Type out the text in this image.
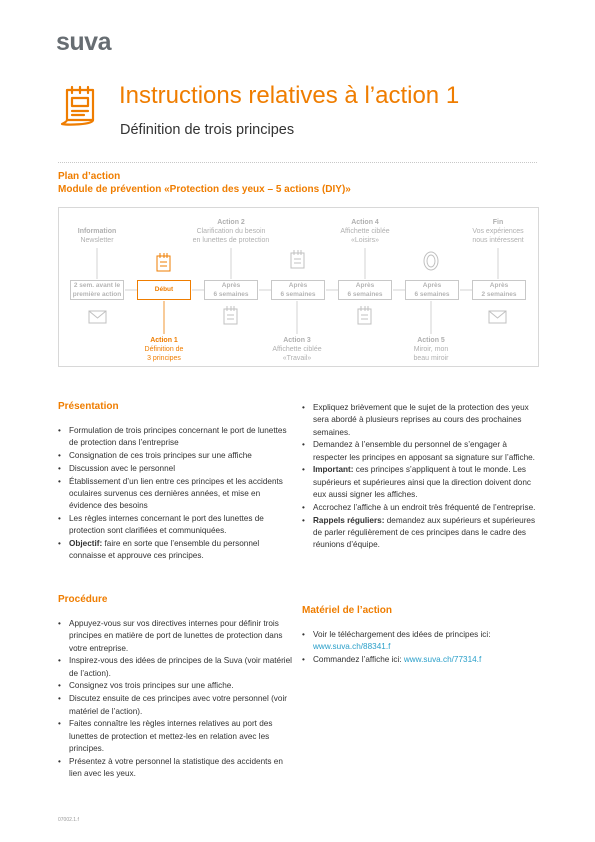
suva
Instructions relatives à l’action 1
Définition de trois principes
Plan d’action
Module de prévention «Protection des yeux – 5 actions (DIY)»
Information
Newsletter
Action 2
Clarification du besoin
en lunettes de protection
Action 4
Affichette ciblée
«Loisirs»
Fin
Vos expériences
nous intéressent
2 sem. avant le
première action
Début
Après
6 semaines
Après
6 semaines
Après
6 semaines
Après
6 semaines
Après
2 semaines
Action 1
Définition de
3 principes
Action 3
Affichette ciblée
«Travail»
Action 5
Miroir, mon
beau miroir
Présentation
• Formulation de trois principes concernant le port de lunettes de protection dans l’entreprise
• Consignation de ces trois principes sur une affiche
• Discussion avec le personnel
• Établissement d’un lien entre ces principes et les accidents oculaires survenus ces dernières années, et mise en évidence des besoins
• Les règles internes concernant le port des lunettes de protection sont clarifiées et communiquées.
• Objectif: faire en sorte que l’ensemble du personnel connaisse et approuve ces principes.
Procédure
• Appuyez-vous sur vos directives internes pour définir trois principes en matière de port de lunettes de protection dans votre entreprise.
• Inspirez-vous des idées de principes de la Suva (voir matériel de l’action).
• Consignez vos trois principes sur une affiche.
• Discutez ensuite de ces principes avec votre personnel (voir matériel de l’action).
• Faites connaître les règles internes relatives au port des lunettes de protection et mettez-les en relation avec les principes.
• Présentez à votre personnel la statistique des accidents en lien avec les yeux.
• Expliquez brièvement que le sujet de la protection des yeux sera abordé à plusieurs reprises au cours des prochaines semaines.
• Demandez à l’ensemble du personnel de s’engager à respecter les principes en apposant sa signature sur l’affiche.
• Important: ces principes s’appliquent à tout le monde. Les supérieurs et supérieures ainsi que la direction doivent donc eux aussi signer les affiches.
• Accrochez l’affiche à un endroit très fréquenté de l’entreprise.
• Rappels réguliers: demandez aux supérieurs et supérieures de parler régulièrement de ces principes dans le cadre des réunions d’équipe.
Matériel de l’action
• Voir le téléchargement des idées de principes ici: www.suva.ch/88341.f
• Commandez l’affiche ici: www.suva.ch/77314.f
07002.1.f
